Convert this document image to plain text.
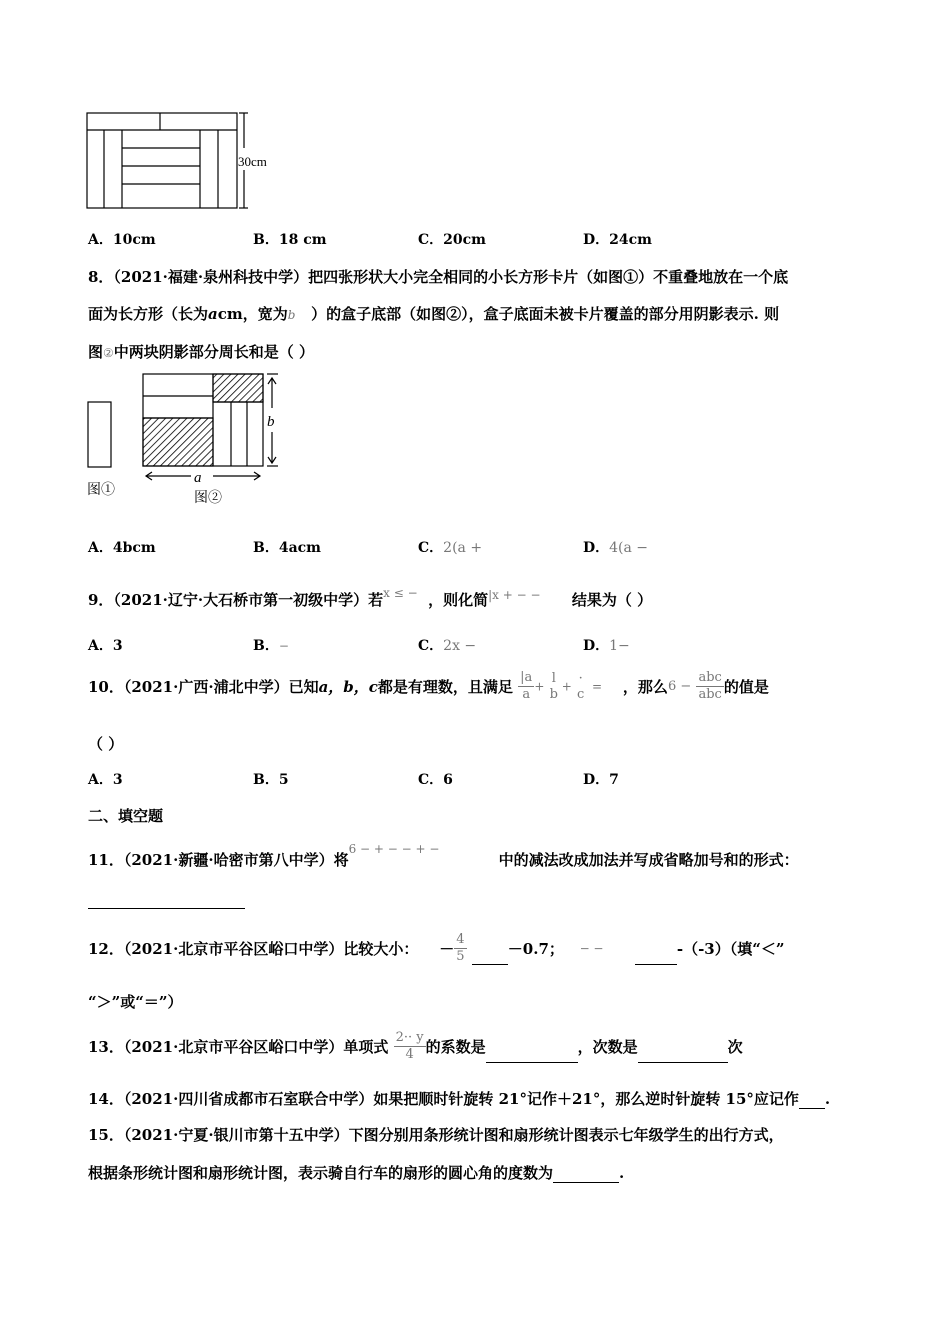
30cm
A．10cm	B．18 cm	C．20cm	D．24cm
8．（2021·福建·泉州科技中学）把四张形状大小完全相同的小长方形卡片（如图①）不重叠地放在一个底
面为长方形（长为acm，宽为b ）的盒子底部（如图②），盒子底面未被卡片覆盖的部分用阴影表示. 则
图②中两块阴影部分周长和是（ ）
a
b
图①
图②
A．4bcm	B．4acm	C．2(a +	D．4(a −
9．（2021·辽宁·大石桥市第一初级中学）若$^{x \le -}$ ，则化简$^{|x + - -}$ 结果为（ ）
A．3	B．−	C．2x −	D．1−
10．（2021·广西·浦北中学）已知a，b，c都是有理数，且满足 $\frac{|a}{a}$ +
l
b +
·
c = ，那么$6 - \frac{\text{abc}}{\text{abc}}$ 的值是
（ ）
A．3	B．5	C．6	D．7
二、填空题
11．（2021·新疆·哈密市第八中学）将6 − + − − + −中的减法改成加法并写成省略加号和的形式：
12．（2021·北京市平谷区峪口中学）比较大小： － $\frac{4}{5}$	－0.7； − −	-（-3）（填“＜”
“＞”或“＝”）
13．（2021·北京市平谷区峪口中学）单项式 $\frac{2\cdot\cdot y}{4}$ 的系数是	，次数是	次
14．（2021·四川省成都市石室联合中学）如果把顺时针旋转 21°记作＋21°，那么逆时针旋转 15°应记作 .
15．（2021·宁夏·银川市第十五中学）下图分别用条形统计图和扇形统计图表示七年级学生的出行方式，
根据条形统计图和扇形统计图，表示骑自行车的扇形的圆心角的度数为	.
